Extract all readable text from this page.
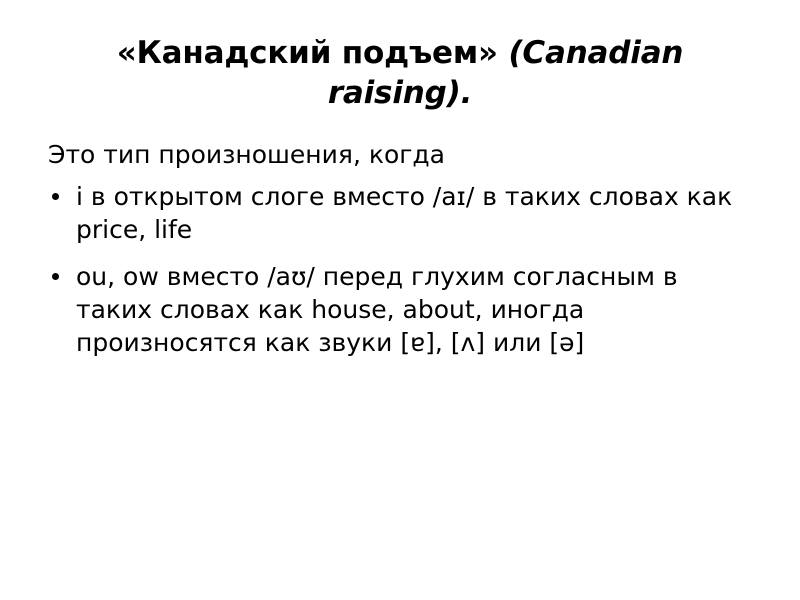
«Канадский подъем» (Canadian raising).

Это тип произношения, когда

i в открытом слоге вместо /aɪ/ в таких словах как price, life
ou, ow вместо /aʊ/ перед глухим согласным в таких словах как house, about, иногда произносятся как звуки [ɐ], [ʌ] или [ə]
